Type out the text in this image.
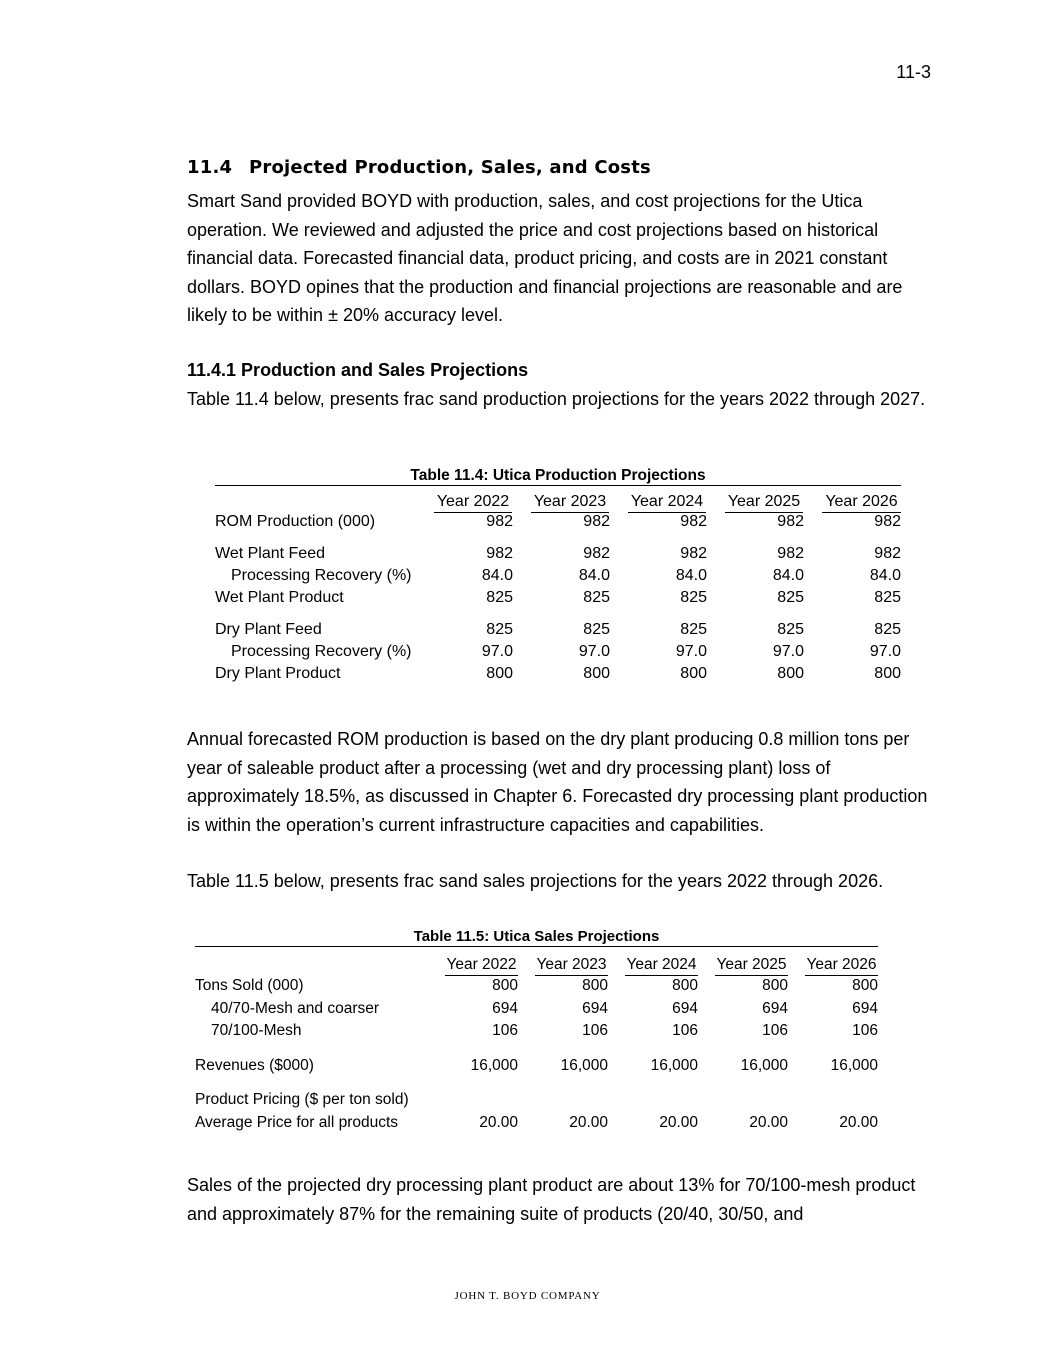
11-3
11.4 Projected Production, Sales, and Costs

Smart Sand provided BOYD with production, sales, and cost projections for the Utica operation. We reviewed and adjusted the price and cost projections based on historical financial data. Forecasted financial data, product pricing, and costs are in 2021 constant dollars. BOYD opines that the production and financial projections are reasonable and are likely to be within ± 20% accuracy level.

11.4.1 Production and Sales Projections

Table 11.4 below, presents frac sand production projections for the years 2022 through 2027.

Annual forecasted ROM production is based on the dry plant producing 0.8 million tons per year of saleable product after a processing (wet and dry processing plant) loss of approximately 18.5%, as discussed in Chapter 6. Forecasted dry processing plant production is within the operation’s current infrastructure capacities and capabilities.

Table 11.5 below, presents frac sand sales projections for the years 2022 through 2026.

Sales of the projected dry processing plant product are about 13% for 70/100-mesh product and approximately 87% for the remaining suite of products (20/40, 30/50, and

Table 11.4: Utica Production Projections
Year 2022 Year 2023 Year 2024 Year 2025 Year 2026
ROM Production (000)	982	982	982	982	982
Wet Plant Feed	982	982	982	982	982
Processing Recovery (%)	84.0	84.0	84.0	84.0	84.0
Wet Plant Product	825	825	825	825	825
Dry Plant Feed	825	825	825	825	825
Processing Recovery (%)	97.0	97.0	97.0	97.0	97.0
Dry Plant Product	800	800	800	800	800
Table 11.5: Utica Sales Projections
Year 2022 Year 2023 Year 2024 Year 2025 Year 2026
Tons Sold (000)	800	800	800	800	800
40/70-Mesh and coarser	694	694	694	694	694
70/100-Mesh	106	106	106	106	106
Revenues ($000)	16,000	16,000	16,000	16,000	16,000
Product Pricing ($ per ton sold)
Average Price for all products	20.00	20.00	20.00	20.00	20.00
JOHN T. BOYD COMPANY
